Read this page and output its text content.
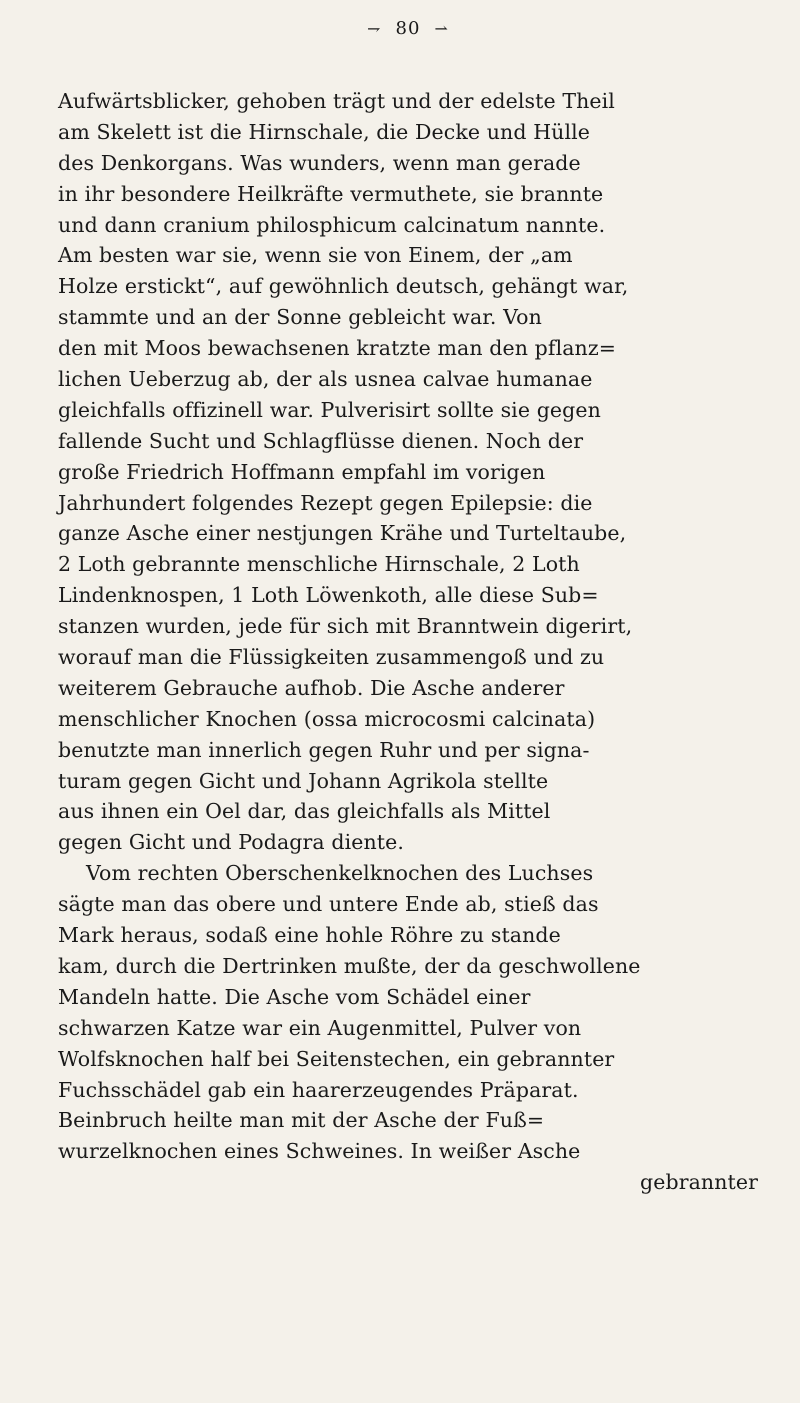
⇁ 80 ⇀
Aufwärtsblicker, gehoben trägt und der edelste Theil
am Skelett ist die Hirnschale, die Decke und Hülle
des Denkorgans. Was wunders, wenn man gerade
in ihr besondere Heilkräfte vermuthete, sie brannte
und dann cranium philosphicum calcinatum nannte.
Am besten war sie, wenn sie von Einem, der „am
Holze erstickt“, auf gewöhnlich deutsch, gehängt war,
stammte und an der Sonne gebleicht war. Von
den mit Moos bewachsenen kratzte man den pflanz=
lichen Ueberzug ab, der als usnea calvae humanae
gleichfalls offizinell war. Pulverisirt sollte sie gegen
fallende Sucht und Schlagflüsse dienen. Noch der
große Friedrich Hoffmann empfahl im vorigen
Jahrhundert folgendes Rezept gegen Epilepsie: die
ganze Asche einer nestjungen Krähe und Turteltaube,
2 Loth gebrannte menschliche Hirnschale, 2 Loth
Lindenknospen, 1 Loth Löwenkoth, alle diese Sub=
stanzen wurden, jede für sich mit Branntwein digerirt,
worauf man die Flüssigkeiten zusammengoß und zu
weiterem Gebrauche aufhob. Die Asche anderer
menschlicher Knochen (ossa microcosmi calcinata)
benutzte man innerlich gegen Ruhr und per signa-
turam gegen Gicht und Johann Agrikola stellte
aus ihnen ein Oel dar, das gleichfalls als Mittel
gegen Gicht und Podagra diente.
Vom rechten Oberschenkelknochen des Luchses
sägte man das obere und untere Ende ab, stieß das
Mark heraus, sodaß eine hohle Röhre zu stande
kam, durch die Dertrinken mußte, der da geschwollene
Mandeln hatte. Die Asche vom Schädel einer
schwarzen Katze war ein Augenmittel, Pulver von
Wolfsknochen half bei Seitenstechen, ein gebrannter
Fuchsschädel gab ein haarerzeugendes Präparat.
Beinbruch heilte man mit der Asche der Fuß=
wurzelknochen eines Schweines. In weißer Asche
gebrannter
